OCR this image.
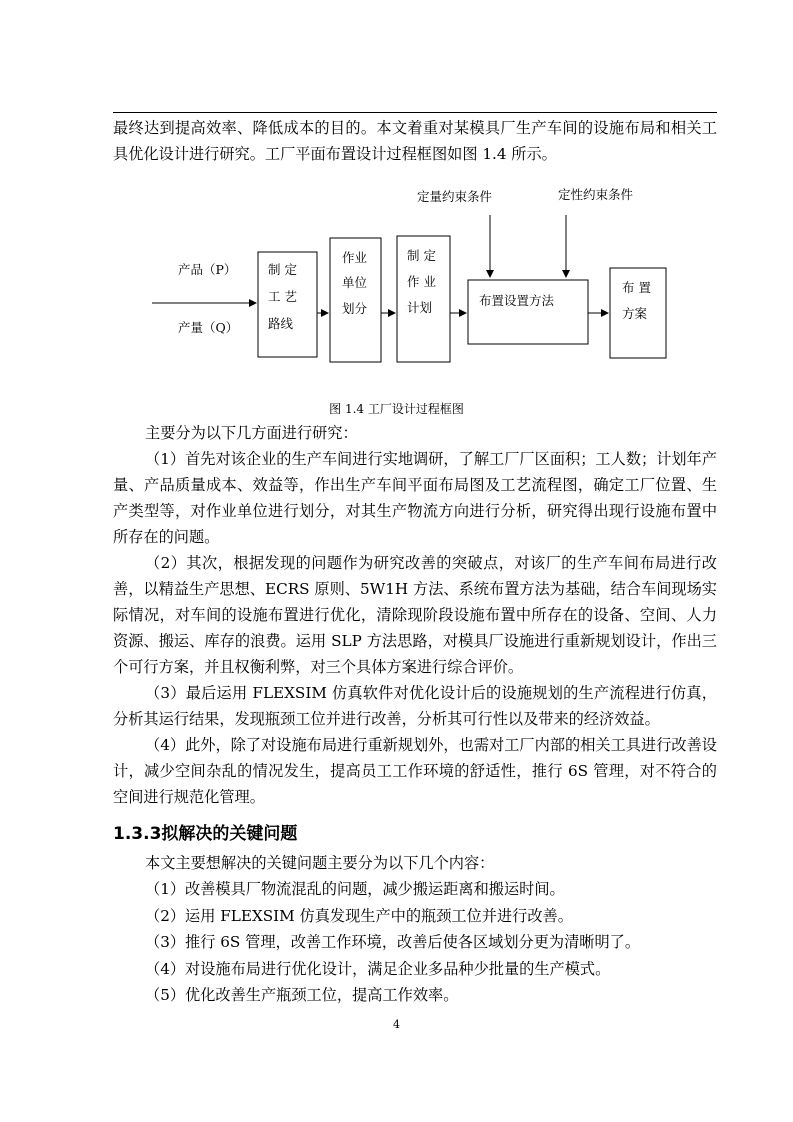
最终达到提高效率、降低成本的目的。本文着重对某模具厂生产车间的设施布局和相关工具优化设计进行研究。工厂平面布置设计过程框图如图 1.4 所示。

定量约束条件	定性约束条件
产品（P）
产量（Q）
制 定
工 艺
路线
作业
单位
划分
制 定
作 业
计划	布置设置方法
布 置
方案
图 1.4 工厂设计过程框图

主要分为以下几方面进行研究：

（1）首先对该企业的生产车间进行实地调研，了解工厂厂区面积；工人数；计划年产量、产品质量成本、效益等，作出生产车间平面布局图及工艺流程图，确定工厂位置、生产类型等，对作业单位进行划分，对其生产物流方向进行分析，研究得出现行设施布置中所存在的问题。

（2）其次，根据发现的问题作为研究改善的突破点，对该厂的生产车间布局进行改善，以精益生产思想、ECRS 原则、5W1H 方法、系统布置方法为基础，结合车间现场实际情况，对车间的设施布置进行优化，清除现阶段设施布置中所存在的设备、空间、人力资源、搬运、库存的浪费。运用 SLP 方法思路，对模具厂设施进行重新规划设计，作出三个可行方案，并且权衡利弊，对三个具体方案进行综合评价。

（3）最后运用 FLEXSIM 仿真软件对优化设计后的设施规划的生产流程进行仿真，分析其运行结果，发现瓶颈工位并进行改善，分析其可行性以及带来的经济效益。

（4）此外，除了对设施布局进行重新规划外，也需对工厂内部的相关工具进行改善设计，减少空间杂乱的情况发生，提高员工工作环境的舒适性，推行 6S 管理，对不符合的空间进行规范化管理。

1.3.3拟解决的关键问题
本文主要想解决的关键问题主要分为以下几个内容：
（1）改善模具厂物流混乱的问题，减少搬运距离和搬运时间。
（2）运用 FLEXSIM 仿真发现生产中的瓶颈工位并进行改善。
（3）推行 6S 管理，改善工作环境，改善后使各区域划分更为清晰明了。
（4）对设施布局进行优化设计，满足企业多品种少批量的生产模式。
（5）优化改善生产瓶颈工位，提高工作效率。
4
